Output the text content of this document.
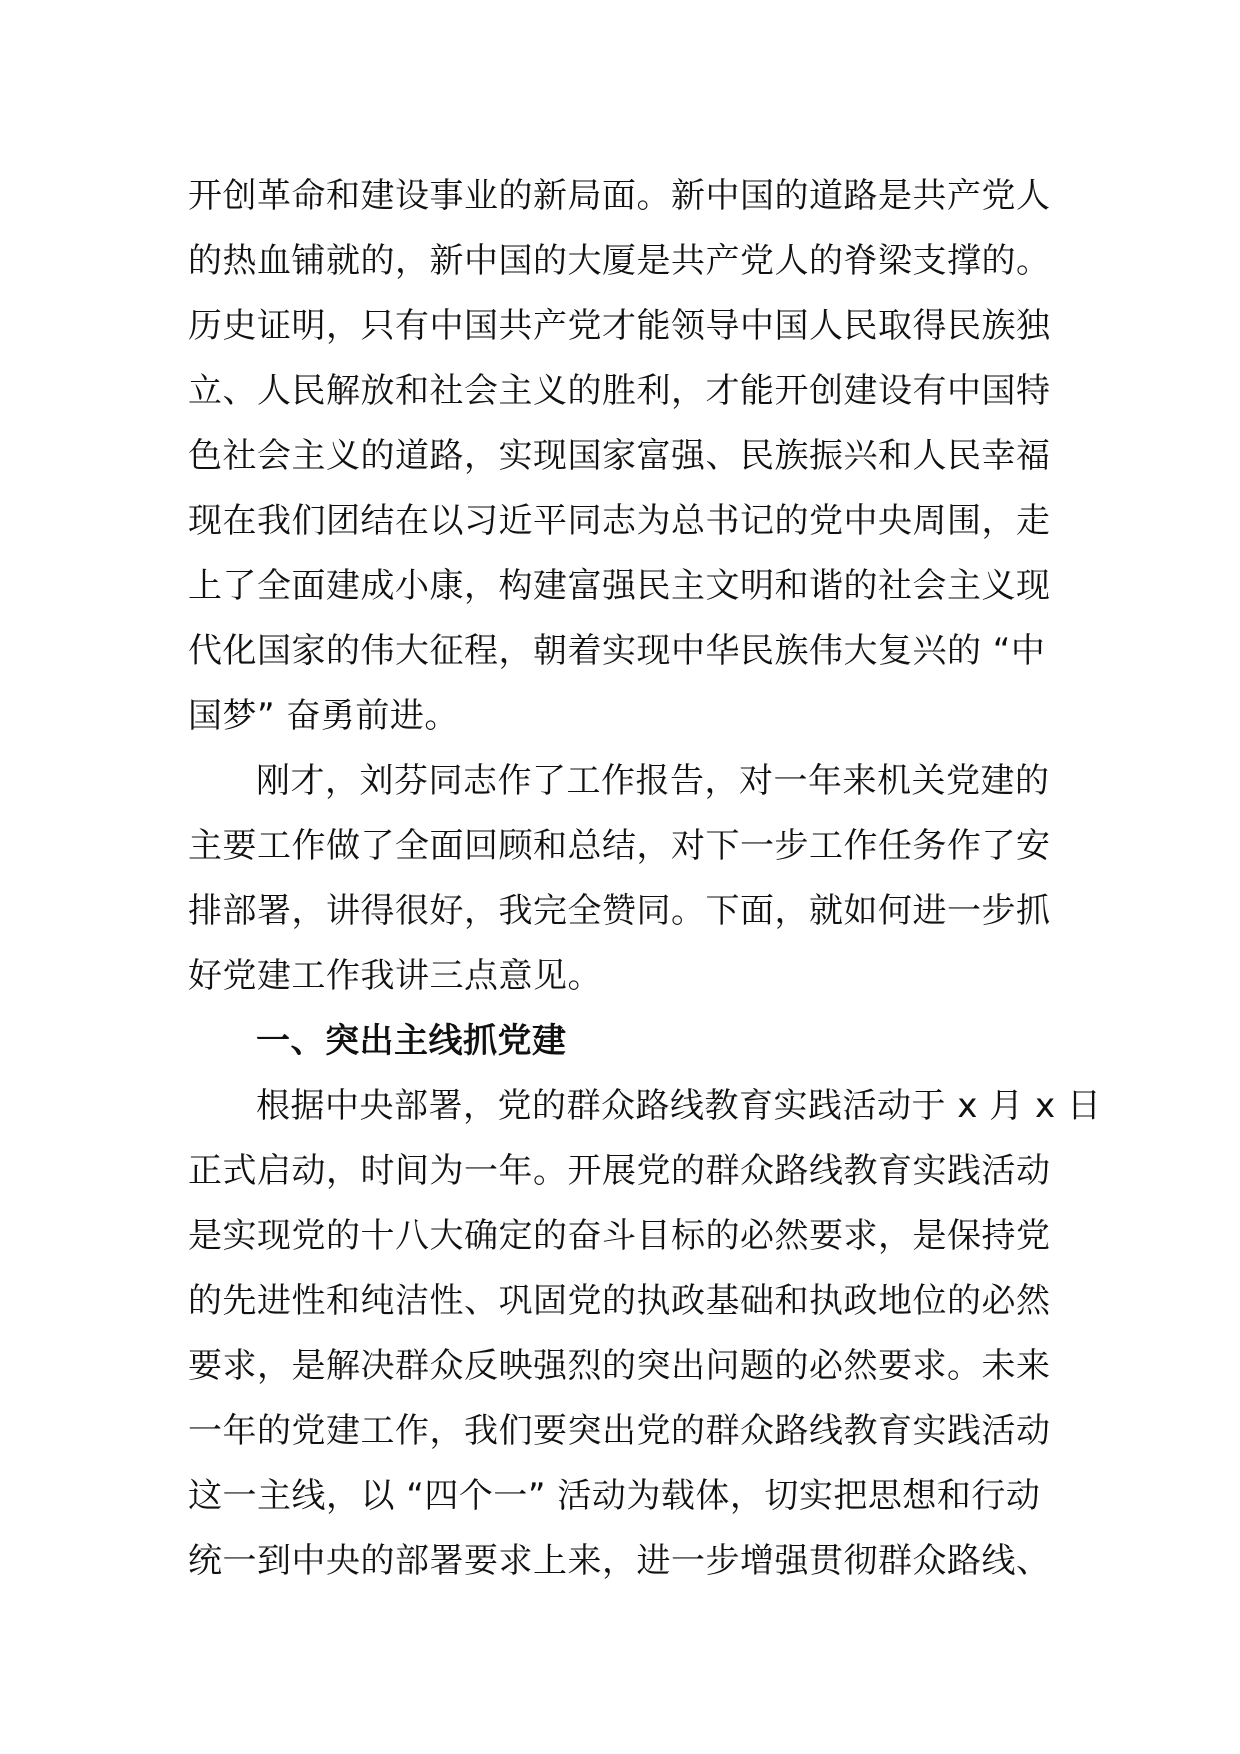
开创革命和建设事业的新局面。新中国的道路是共产党人
的热血铺就的，新中国的大厦是共产党人的脊梁支撑的。
历史证明，只有中国共产党才能领导中国人民取得民族独
立、人民解放和社会主义的胜利，才能开创建设有中国特
色社会主义的道路，实现国家富强、民族振兴和人民幸福
现在我们团结在以习近平同志为总书记的党中央周围，走
上了全面建成小康，构建富强民主文明和谐的社会主义现
代化国家的伟大征程，朝着实现中华民族伟大复兴的 “中
国梦” 奋勇前进。
刚才，刘芬同志作了工作报告，对一年来机关党建的
主要工作做了全面回顾和总结，对下一步工作任务作了安
排部署，讲得很好，我完全赞同。下面，就如何进一步抓
好党建工作我讲三点意见。
一、突出主线抓党建
根据中央部署，党的群众路线教育实践活动于 x 月 x 日
正式启动，时间为一年。开展党的群众路线教育实践活动
是实现党的十八大确定的奋斗目标的必然要求，是保持党
的先进性和纯洁性、巩固党的执政基础和执政地位的必然
要求，是解决群众反映强烈的突出问题的必然要求。未来
一年的党建工作，我们要突出党的群众路线教育实践活动
这一主线，以 “四个一” 活动为载体，切实把思想和行动
统一到中央的部署要求上来，进一步增强贯彻群众路线、
